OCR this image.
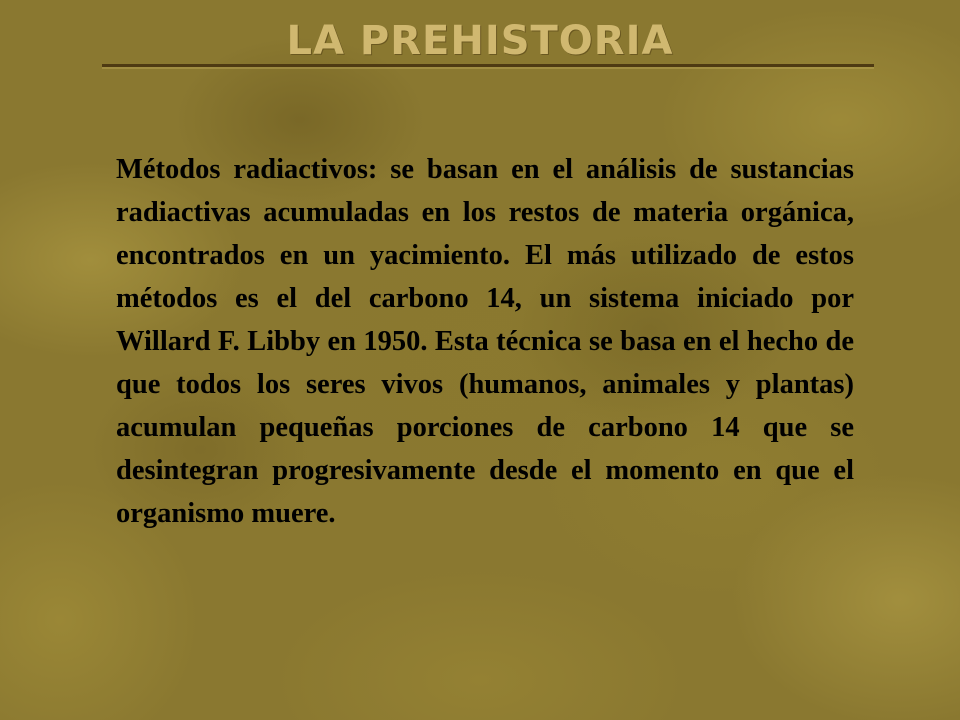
LA PREHISTORIA

Métodos radiactivos: se basan en el análisis de sustancias radiactivas acumuladas en los restos de materia orgánica, encontrados en un yacimiento. El más utilizado de estos métodos es el del carbono 14, un sistema iniciado por Willard F. Libby en 1950. Esta técnica se basa en el hecho de que todos los seres vivos (humanos, animales y plantas) acumulan pequeñas porciones de carbono 14 que se desintegran progresivamente desde el momento en que el organismo muere.
